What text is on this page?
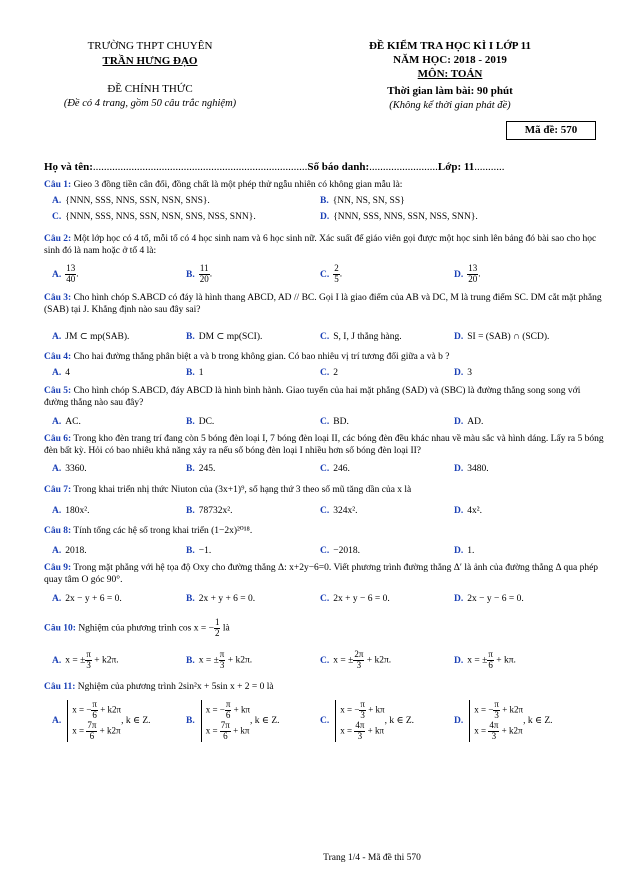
TRƯỜNG THPT CHUYÊN
TRẦN HƯNG ĐẠO
ĐỀ CHÍNH THỨC
(Đề có 4 trang, gồm 50 câu trắc nghiệm)
ĐỀ KIỂM TRA HỌC KÌ I LỚP 11
NĂM HỌC: 2018 - 2019
MÔN: TOÁN
Thời gian làm bài: 90 phút
(Không kể thời gian phát đề)
Mã đề: 570
Họ và tên:..............................................................................Số báo danh:.........................Lớp: 11...........
Câu 1: Gieo 3 đồng tiền cân đối, đồng chất là một phép thử ngẫu nhiên có không gian mẫu là:
A. {NNN, SSS, NNS, SSN, NSN, SNS}.	B. {NN, NS, SN, SS}
C. {NNN, SSS, NNS, SSN, NSN, SNS, NSS, SNN}.	D. {NNN, SSS, NNS, SSN, NSS, SNN}.
Câu 2: Một lớp học có 4 tổ, mỗi tổ có 4 học sinh nam và 6 học sinh nữ. Xác suất để giáo viên gọi được một học sinh lên bảng đó bài sao cho học sinh đó là nam hoặc ở tổ 4 là:
A. $\frac{13}{40}$ .	B. $\frac{11}{20}$ .	C. $\frac{2}{5}$ .	D. $\frac{13}{20}$ .
Câu 3: Cho hình chóp S.ABCD có đáy là hình thang ABCD, AD // BC. Gọi I là giao điểm của AB và DC, M là trung điểm SC. DM cắt mặt phẳng (SAB) tại J. Khẳng định nào sau đây sai?
A. JM ⊂ mp(SAB).	B. DM ⊂ mp(SCI).	C. S, I, J thẳng hàng.	D. SI = (SAB) ∩ (SCD).
Câu 4: Cho hai đường thẳng phân biệt a và b trong không gian. Có bao nhiêu vị trí tương đối giữa a và b ?
A. 4	B. 1	C. 2	D. 3
Câu 5: Cho hình chóp S.ABCD, đáy ABCD là hình bình hành. Giao tuyến của hai mặt phẳng (SAD) và (SBC) là đường thẳng song song với đường thẳng nào sau đây?
A. AC.	B. DC.	C. BD.	D. AD.
Câu 6: Trong kho đèn trang trí đang còn 5 bóng đèn loại I, 7 bóng đèn loại II, các bóng đèn đều khác nhau về màu sắc và hình dáng. Lấy ra 5 bóng đèn bất kỳ. Hỏi có bao nhiêu khả năng xảy ra nếu số bóng đèn loại I nhiều hơn số bóng đèn loại II?
A. 3360.	B. 245.	C. 246.	D. 3480.
Câu 7: Trong khai triển nhị thức Niuton của (3x+1)⁹, số hạng thứ 3 theo số mũ tăng dần của x là
A. 180x².	B. 78732x².	C. 324x².	D. 4x².
Câu 8: Tính tổng các hệ số trong khai triển (1−2x)²⁰¹⁸.
A. 2018.	B. −1.	C. −2018.	D. 1.
Câu 9: Trong mặt phẳng với hệ tọa độ Oxy cho đường thẳng Δ: x+2y−6=0. Viết phương trình đường thẳng Δ′ là ảnh của đường thẳng Δ qua phép quay tâm O góc 90°.
A. 2x − y + 6 = 0.	B. 2x + y + 6 = 0.	C. 2x + y − 6 = 0.	D. 2x − y − 6 = 0.
Câu 10: Nghiệm của phương trình cos x = − $\frac{1}{2}$ là
A. x = ± $\frac{\pi}{3} + k2\pi$.	B. x = ± $\frac{\pi}{3} + k2\pi$.	C. x = ± $\frac{2\pi}{3} + k2\pi$.	D. x = ± $\frac{\pi}{6} + k\pi$.
Câu 11: Nghiệm của phương trình 2sin²x + 5sin x + 2 = 0 là
A.
x = − $\frac{\pi}{6} + k2\pi$
$x = \frac{7\pi}{6} + k2\pi$
, k ∈ Z.	B.
x = − $\frac{\pi}{6} + k\pi$
$x = \frac{7\pi}{6} + k\pi$
, k ∈ Z.	C.
x = − $\frac{\pi}{3} + k\pi$
$x = \frac{4\pi}{3} + k\pi$
, k ∈ Z.	D.
x = − $\frac{\pi}{3} + k2\pi$
$x = \frac{4\pi}{3} + k2\pi$
, k ∈ Z.
Trang 1/4 - Mã đề thi 570
